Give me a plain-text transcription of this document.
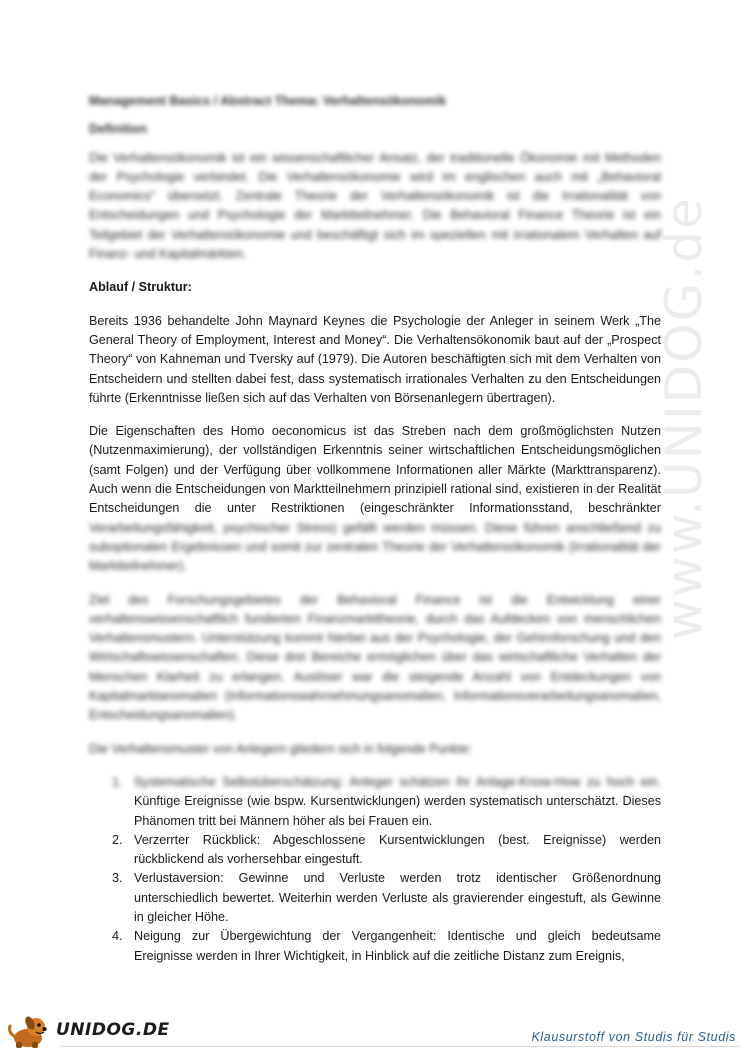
www.UNIDOG.de

Management Basics / Abstract Thema: Verhaltensökonomik

Definition

Die Verhaltensökonomik ist ein wissenschaftlicher Ansatz, der traditionelle Ökonomie mit Methoden der Psychologie verbindet. Die Verhaltensökonomie wird im englischen auch mit „Behavioral Economics“ übersetzt. Zentrale Theorie der Verhaltensökonomik ist die Irrationalität von Entscheidungen und Psychologie der Marktteilnehmer. Die Behavioral Finance Theorie ist ein Teilgebiet der Verhaltensökonomie und beschäftigt sich im speziellen mit irrationalem Verhalten auf Finanz- und Kapitalmärkten.

Ablauf / Struktur:

Bereits 1936 behandelte John Maynard Keynes die Psychologie der Anleger in seinem Werk „The General Theory of Employment, Interest and Money“. Die Verhaltensökonomik baut auf der „Prospect Theory“ von Kahneman und Tversky auf (1979). Die Autoren beschäftigten sich mit dem Verhalten von Entscheidern und stellten dabei fest, dass systematisch irrationales Verhalten zu den Entscheidungen führte (Erkenntnisse ließen sich auf das Verhalten von Börsenanlegern übertragen).

Die Eigenschaften des Homo oeconomicus ist das Streben nach dem großmöglichsten Nutzen (Nutzenmaximierung), der vollständigen Erkenntnis seiner wirtschaftlichen Entscheidungsmöglichen (samt Folgen) und der Verfügung über vollkommene Informationen aller Märkte (Markttransparenz). Auch wenn die Entscheidungen von Marktteilnehmern prinzipiell rational sind, existieren in der Realität Entscheidungen die unter Restriktionen (eingeschränkter Informationsstand, beschränkter Verarbeitungsfähigkeit, psychischer Stress) gefällt werden müssen. Diese führen anschließend zu suboptionalen Ergebnissen und somit zur zentralen Theorie der Verhaltensökonomik (Irrationalität der Marktteilnehmer).

Ziel des Forschungsgebietes der Behavioral Finance ist die Entwicklung einer verhaltenswissenschaftlich fundierten Finanzmarkttheorie, durch das Aufdecken von menschlichen Verhaltensmustern. Unterstützung kommt hierbei aus der Psychologie, der Gehirnforschung und den Wirtschaftswissenschaften. Diese drei Bereiche ermöglichen über das wirtschaftliche Verhalten der Menschen Klarheit zu erlangen. Auslöser war die steigende Anzahl von Entdeckungen von Kapitalmarktanomalien (Informationswahrnehmungsanomalien, Informationsverarbeitungsanomalien, Entscheidungsanomalien).

Die Verhaltensmuster von Anlegern gliedern sich in folgende Punkte:

1. Systematische Selbstüberschätzung: Anleger schätzen ihr Anlage-Know-How zu hoch ein. Künftige Ereignisse (wie bspw. Kursentwicklungen) werden systematisch unterschätzt. Dieses Phänomen tritt bei Männern höher als bei Frauen ein.
2. Verzerrter Rückblick: Abgeschlossene Kursentwicklungen (best. Ereignisse) werden rückblickend als vorhersehbar eingestuft.
3. Verlustaversion: Gewinne und Verluste werden trotz identischer Größenordnung unterschiedlich bewertet. Weiterhin werden Verluste als gravierender eingestuft, als Gewinne in gleicher Höhe.
4. Neigung zur Übergewichtung der Vergangenheit: Identische und gleich bedeutsame Ereignisse werden in Ihrer Wichtigkeit, in Hinblick auf die zeitliche Distanz zum Ereignis,
UNIDOG.DE	Klausurstoff von Studis für Studis
